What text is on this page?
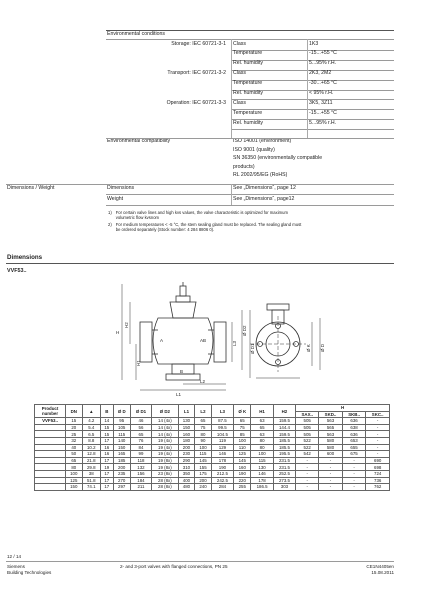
Environmental conditions
Storage: IEC 60721-3-1 Class	1K3
Temperature	-15...+55 °C
Rel. humidity	5...95% r.H.
Transport: IEC 60721-3-2 Class	2K3, 2M2
Temperature	-30...+65 °C
Rel. humidity	< 95% r.H.
Operation: IEC 60721-3-3 Class	3K5, 3Z11
Temperature	-15...+55 °C
Rel. humidity	5...95% r.H.
Environmental compatibility	ISO 14001 (environment)
ISO 9001 (quality)
SN 36350 (environmentally compatible
products)
RL 2002/95/EG (RoHS)
Dimensions / Weight	Dimensions	See „Dimensions“, page 12
Weight	See „Dimensions“, page12
1) For certain valve lines and high kvs values, the valve characteristic is optimized for maximum
volumetric flow kvsnom
2) For medium temperatures < -5 °C, the stem sealing gland must be replaced. The sealing gland must
be ordered separately (Stock number: 4 284 8806 0).
Dimensions
VVF53..
H
H2
H1
L1
L2
L3
A	AB
B
Ø D2
Ø D1	Ø K Ø D
Product number	DN	▲	B	Ø D	Ø D1	Ø D2	L1	L2	L3	Ø K	H1	H2	H			
													SAX..	SKD..	SKB..	SKC..
VVF53..	15	4.2	14	95	46	14 (4x)	130	65	87.5	65	63	159.5	505	563	636	-
	20	5.4	15	105	56	14 (4x)	150	75	99.5	75	65	144.4	505	565	638	-
	25	6.5	15	115	65	14 (4x)	160	80	104.5	85	63	159.5	505	563	636	-
	32	8.8	17	140	76	19 (4x)	180	90	119	100	80	185.5	522	580	653	-
	40	10.2	16	150	84	19 (4x)	200	100	129	110	80	185.5	522	580	655	-
	50	12.8	16	165	99	19 (4x)	230	115	146	125	100	195.5	542	600	675	-
	65	21.8	17	185	118	19 (8x)	290	145	178	145	115	231.5	-	-	-	690
	80	29.8	19	200	132	19 (8x)	310	155	190	160	130	231.5	-	-	-	698
	100	38	17	235	156	23 (8x)	350	175	212.5	190	146	252.5	-	-	-	724
	125	51.8	17	270	184	28 (8x)	400	200	242.5	220	178	273.5	-	-	-	736
	150	74.1	17	297	211	28 (8x)	480	240	284	255	186.5	303	-	-	-	762
12 / 14
Siemens
Building Technologies
2- and 3-port valves with flanged connections, PN 25	CE1N4405en
15.08.2011
